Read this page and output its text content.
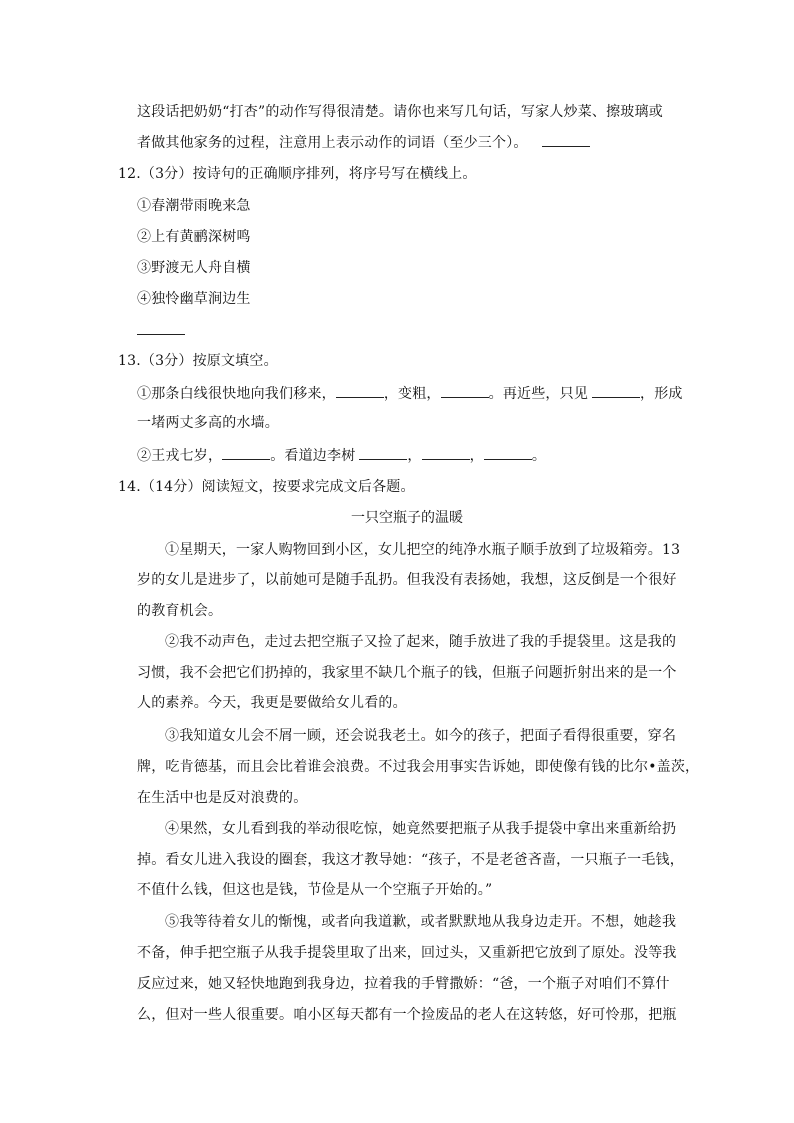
这段话把奶奶“打杏”的动作写得很清楚。请你也来写几句话，写家人炒菜、擦玻璃或
者做其他家务的过程，注意用上表示动作的词语（至少三个）。
12.（3分）按诗句的正确顺序排列，将序号写在横线上。
①春潮带雨晚来急
②上有黄鹂深树鸣
③野渡无人舟自横
④独怜幽草涧边生
13.（3分）按原文填空。
①那条白线很快地向我们移来，	，变粗，	。再近些，只见	，形成
一堵两丈多高的水墙。
②王戎七岁，	。看道边李树	，	，	。
14.（14分）阅读短文，按要求完成文后各题。
一只空瓶子的温暖
①星期天，一家人购物回到小区，女儿把空的纯净水瓶子顺手放到了垃圾箱旁。13
岁的女儿是进步了，以前她可是随手乱扔。但我没有表扬她，我想，这反倒是一个很好
的教育机会。
②我不动声色，走过去把空瓶子又捡了起来，随手放进了我的手提袋里。这是我的
习惯，我不会把它们扔掉的，我家里不缺几个瓶子的钱，但瓶子问题折射出来的是一个
人的素养。今天，我更是要做给女儿看的。
③我知道女儿会不屑一顾，还会说我老土。如今的孩子，把面子看得很重要，穿名
牌，吃肯德基，而且会比着谁会浪费。不过我会用事实告诉她，即使像有钱的比尔•盖茨，
在生活中也是反对浪费的。
④果然，女儿看到我的举动很吃惊，她竟然要把瓶子从我手提袋中拿出来重新给扔
掉。看女儿进入我设的圈套，我这才教导她：“孩子，不是老爸吝啬，一只瓶子一毛钱，
不值什么钱，但这也是钱，节俭是从一个空瓶子开始的。”
⑤我等待着女儿的惭愧，或者向我道歉，或者默默地从我身边走开。不想，她趁我
不备，伸手把空瓶子从我手提袋里取了出来，回过头，又重新把它放到了原处。没等我
反应过来，她又轻快地跑到我身边，拉着我的手臂撒娇：“爸，一个瓶子对咱们不算什
么，但对一些人很重要。咱小区每天都有一个捡废品的老人在这转悠，好可怜那，把瓶
